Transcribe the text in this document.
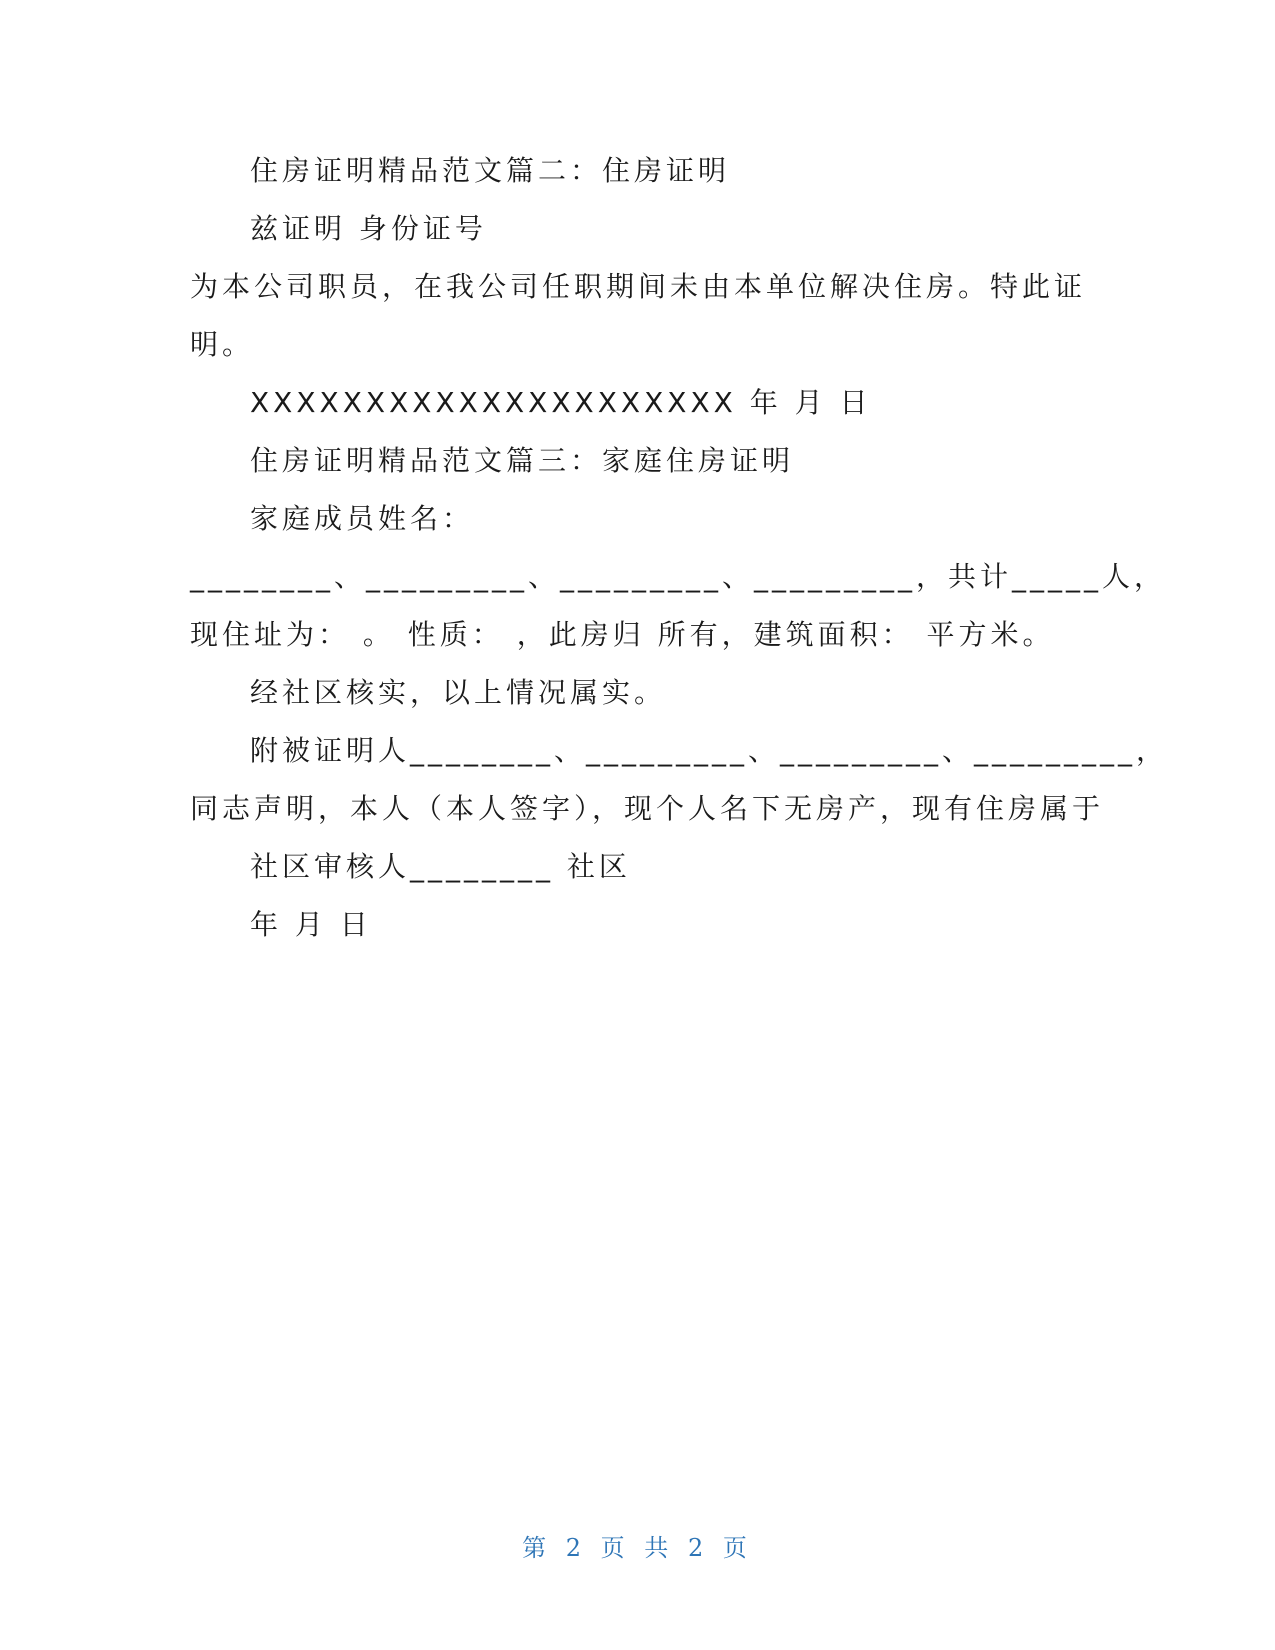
住房证明精品范文篇二：住房证明
兹证明 身份证号
为本公司职员，在我公司任职期间未由本单位解决住房。特此证
明。
XXXXXXXXXXXXXXXXXXXXX 年 月 日
住房证明精品范文篇三：家庭住房证明
家庭成员姓名：
________、_________、_________、_________，共计_____人，
现住址为： 。 性质： ，此房归 所有，建筑面积： 平方米。
经社区核实，以上情况属实。
附被证明人________、_________、_________、_________，
同志声明，本人（本人签字），现个人名下无房产，现有住房属于
社区审核人________ 社区
年 月 日
第 2 页 共 2 页
